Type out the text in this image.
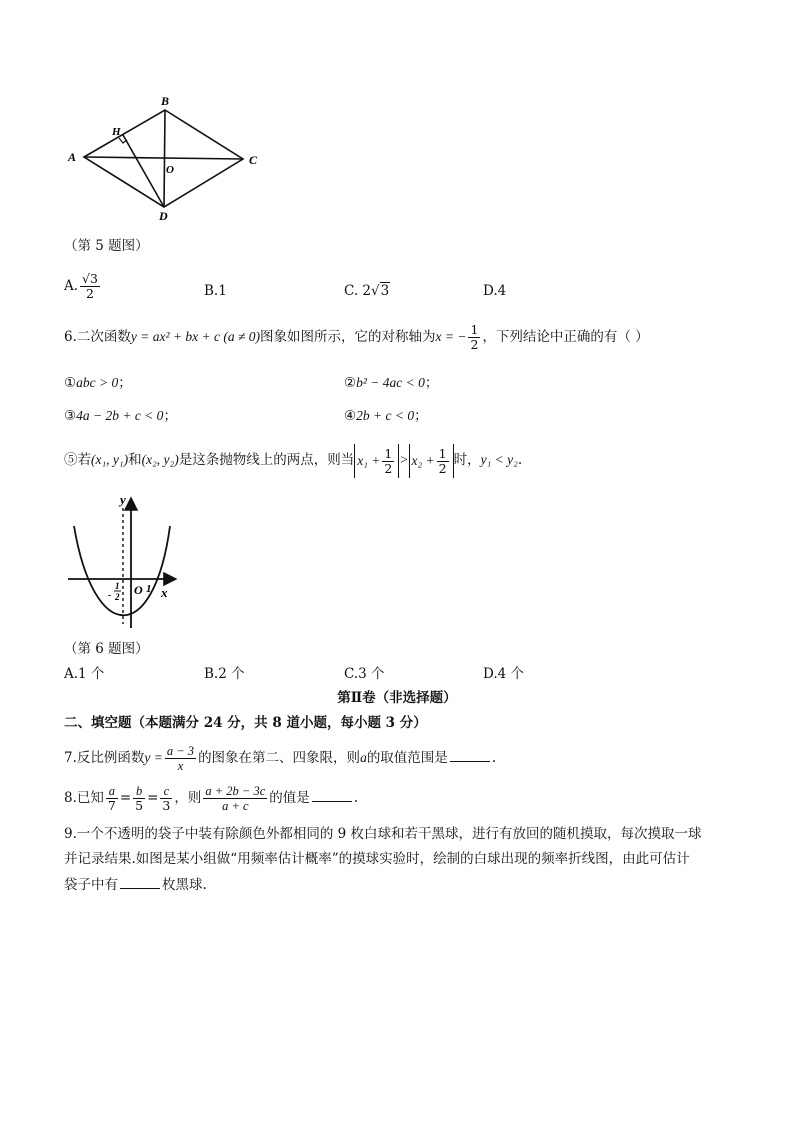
A
B
C
D
H
O
（第 5 题图）
A. $\frac{√3}{2}$	B.1	C. 2√3	D.4
6.二次函数y = ax² + bx + c (a ≠ 0)图象如图所示，它的对称轴为x = − $\frac{1}{2}$ ，下列结论中正确的有（ ）
①abc > 0；	②b² − 4ac < 0；
③4a − 2b + c < 0；	④2b + c < 0；
⑤若(x₁, y₁)和(x₂, y₂)是这条抛物线上的两点，则当 $x_1 + \frac{1}{2} > x_2 + \frac{1}{2}$ 时，y₁ < y₂.
y
x
O 1
1
- 2
（第 6 题图）
A.1 个	B.2 个	C.3 个	D.4 个
第Ⅱ卷（非选择题）
二、填空题（本题满分 24 分，共 8 道小题，每小题 3 分）
7.反比例函数$y = \frac{a - 3}{x}$ 的图象在第二、四象限，则a的取值范围是	.
8.已知 $\frac{a}{7} = \frac{b}{5} = \frac{c}{3}$ ，则 $\frac{a + 2b - 3c}{a + c}$ 的值是	.
9.一个不透明的袋子中装有除颜色外都相同的 9 枚白球和若干黑球，进行有放回的随机摸取，每次摸取一球
并记录结果.如图是某小组做“用频率估计概率”的摸球实验时，绘制的白球出现的频率折线图，由此可估计
袋子中有	枚黑球.
